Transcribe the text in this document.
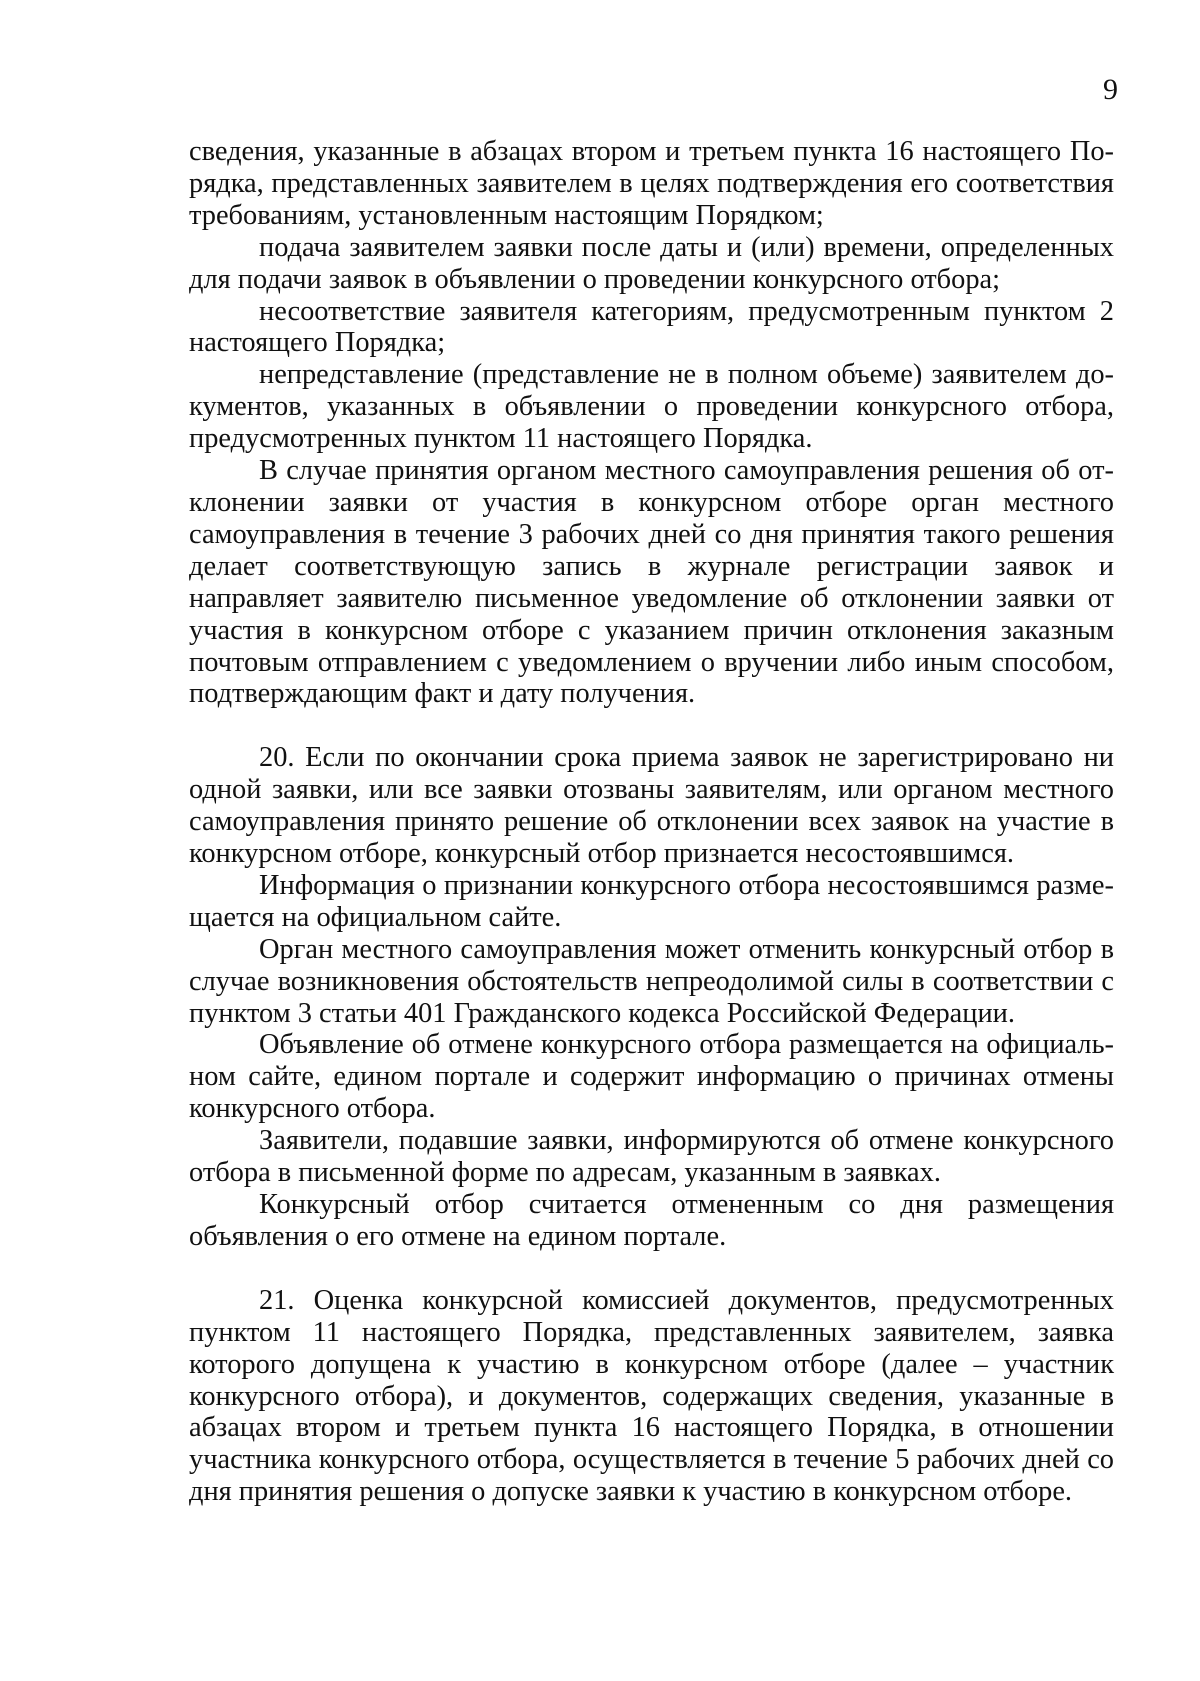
9

сведения, указанные в абзацах втором и третьем пункта 16 настоящего Порядка, представленных заявителем в целях подтверждения его соответствия требованиям, установленным настоящим Порядком;

подача заявителем заявки после даты и (или) времени, определенных для подачи заявок в объявлении о проведении конкурсного отбора;

несоответствие заявителя категориям, предусмотренным пунктом 2 настоящего Порядка;

непредставление (представление не в полном объеме) заявителем документов, указанных в объявлении о проведении конкурсного отбора, предусмотренных пунктом 11 настоящего Порядка.

В случае принятия органом местного самоуправления решения об отклонении заявки от участия в конкурсном отборе орган местного самоуправления в течение 3 рабочих дней со дня принятия такого решения делает соответствующую запись в журнале регистрации заявок и направляет заявителю письменное уведомление об отклонении заявки от участия в конкурсном отборе с указанием причин отклонения заказным почтовым отправлением с уведомлением о вручении либо иным способом, подтверждающим факт и дату получения.

20. Если по окончании срока приема заявок не зарегистрировано ни одной заявки, или все заявки отозваны заявителям, или органом местного самоуправления принято решение об отклонении всех заявок на участие в конкурсном отборе, конкурсный отбор признается несостоявшимся.

Информация о признании конкурсного отбора несостоявшимся размещается на официальном сайте.

Орган местного самоуправления может отменить конкурсный отбор в случае возникновения обстоятельств непреодолимой силы в соответствии с пунктом 3 статьи 401 Гражданского кодекса Российской Федерации.

Объявление об отмене конкурсного отбора размещается на официальном сайте, едином портале и содержит информацию о причинах отмены конкурсного отбора.

Заявители, подавшие заявки, информируются об отмене конкурсного отбора в письменной форме по адресам, указанным в заявках.

Конкурсный отбор считается отмененным со дня размещения объявления о его отмене на едином портале.

21. Оценка конкурсной комиссией документов, предусмотренных пунктом 11 настоящего Порядка, представленных заявителем, заявка которого допущена к участию в конкурсном отборе (далее – участник конкурсного отбора), и документов, содержащих сведения, указанные в абзацах втором и третьем пункта 16 настоящего Порядка, в отношении участника конкурсного отбора, осуществляется в течение 5 рабочих дней со дня принятия решения о допуске заявки к участию в конкурсном отборе.
